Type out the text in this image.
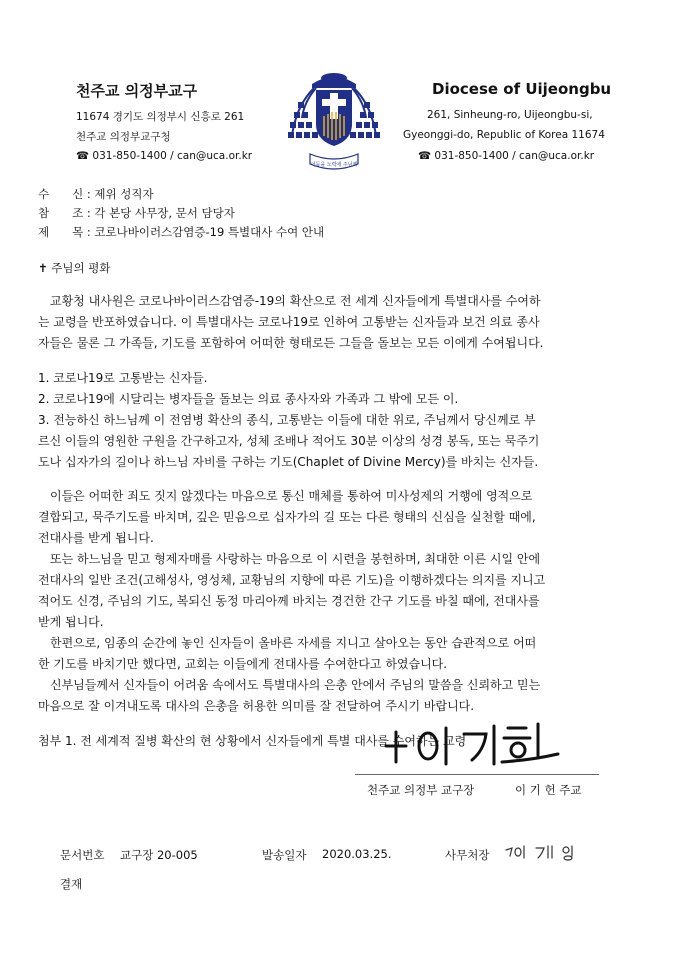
천주교 의정부교구
11674 경기도 의정부시 신흥로 261
천주교 의정부교구청
☎ 031-850-1400 / can@uca.or.kr
Diocese of Uijeongbu
261, Sinheung-ro, Uijeongbu-si,
Gyeonggi-do, Republic of Korea 11674
☎ 031-850-1400 / can@uca.or.kr
어둠을 노력에 주님께
수　　신 : 제위 성직자
참　　조 : 각 본당 사무장, 문서 담당자
제　　목 : 코로나바이러스감염증-19 특별대사 수여 안내
✝ 주님의 평화
　교황청 내사원은 코로나바이러스감염증-19의 확산으로 전 세계 신자들에게 특별대사를 수여하
는 교령을 반포하였습니다. 이 특별대사는 코로나19로 인하여 고통받는 신자들과 보건 의료 종사
자들은 물론 그 가족들, 기도를 포함하여 어떠한 형태로든 그들을 돌보는 모든 이에게 수여됩니다.
1. 코로나19로 고통받는 신자들.
2. 코로나19에 시달리는 병자들을 돌보는 의료 종사자와 가족과 그 밖에 모든 이.
3. 전능하신 하느님께 이 전염병 확산의 종식, 고통받는 이들에 대한 위로, 주님께서 당신께로 부
르신 이들의 영원한 구원을 간구하고자, 성체 조배나 적어도 30분 이상의 성경 봉독, 또는 묵주기
도나 십자가의 길이나 하느님 자비를 구하는 기도(Chaplet of Divine Mercy)를 바치는 신자들.
　이들은 어떠한 죄도 짓지 않겠다는 마음으로 통신 매체를 통하여 미사성제의 거행에 영적으로
결합되고, 묵주기도를 바치며, 깊은 믿음으로 십자가의 길 또는 다른 형태의 신심을 실천할 때에,
전대사를 받게 됩니다.
　또는 하느님을 믿고 형제자매를 사랑하는 마음으로 이 시련을 봉헌하며, 최대한 이른 시일 안에
전대사의 일반 조건(고해성사, 영성체, 교황님의 지향에 따른 기도)을 이행하겠다는 의지를 지니고
적어도 신경, 주님의 기도, 복되신 동정 마리아께 바치는 경건한 간구 기도를 바칠 때에, 전대사를
받게 됩니다.
　한편으로, 임종의 순간에 놓인 신자들이 올바른 자세를 지니고 살아오는 동안 습관적으로 어떠
한 기도를 바치기만 했다면, 교회는 이들에게 전대사를 수여한다고 하였습니다.
　신부님들께서 신자들이 어려움 속에서도 특별대사의 은총 안에서 주님의 말씀을 신뢰하고 믿는
마음으로 잘 이겨내도록 대사의 은총을 허용한 의미를 잘 전달하여 주시기 바랍니다.
첨부 1. 전 세계적 질병 확산의 현 상황에서 신자들에게 특별 대사를 수여하는 교령
천주교 의정부 교구장	이 기 헌 주교
문서번호 교구장 20-005	발송일자 2020.03.25.	사무처장
결재
